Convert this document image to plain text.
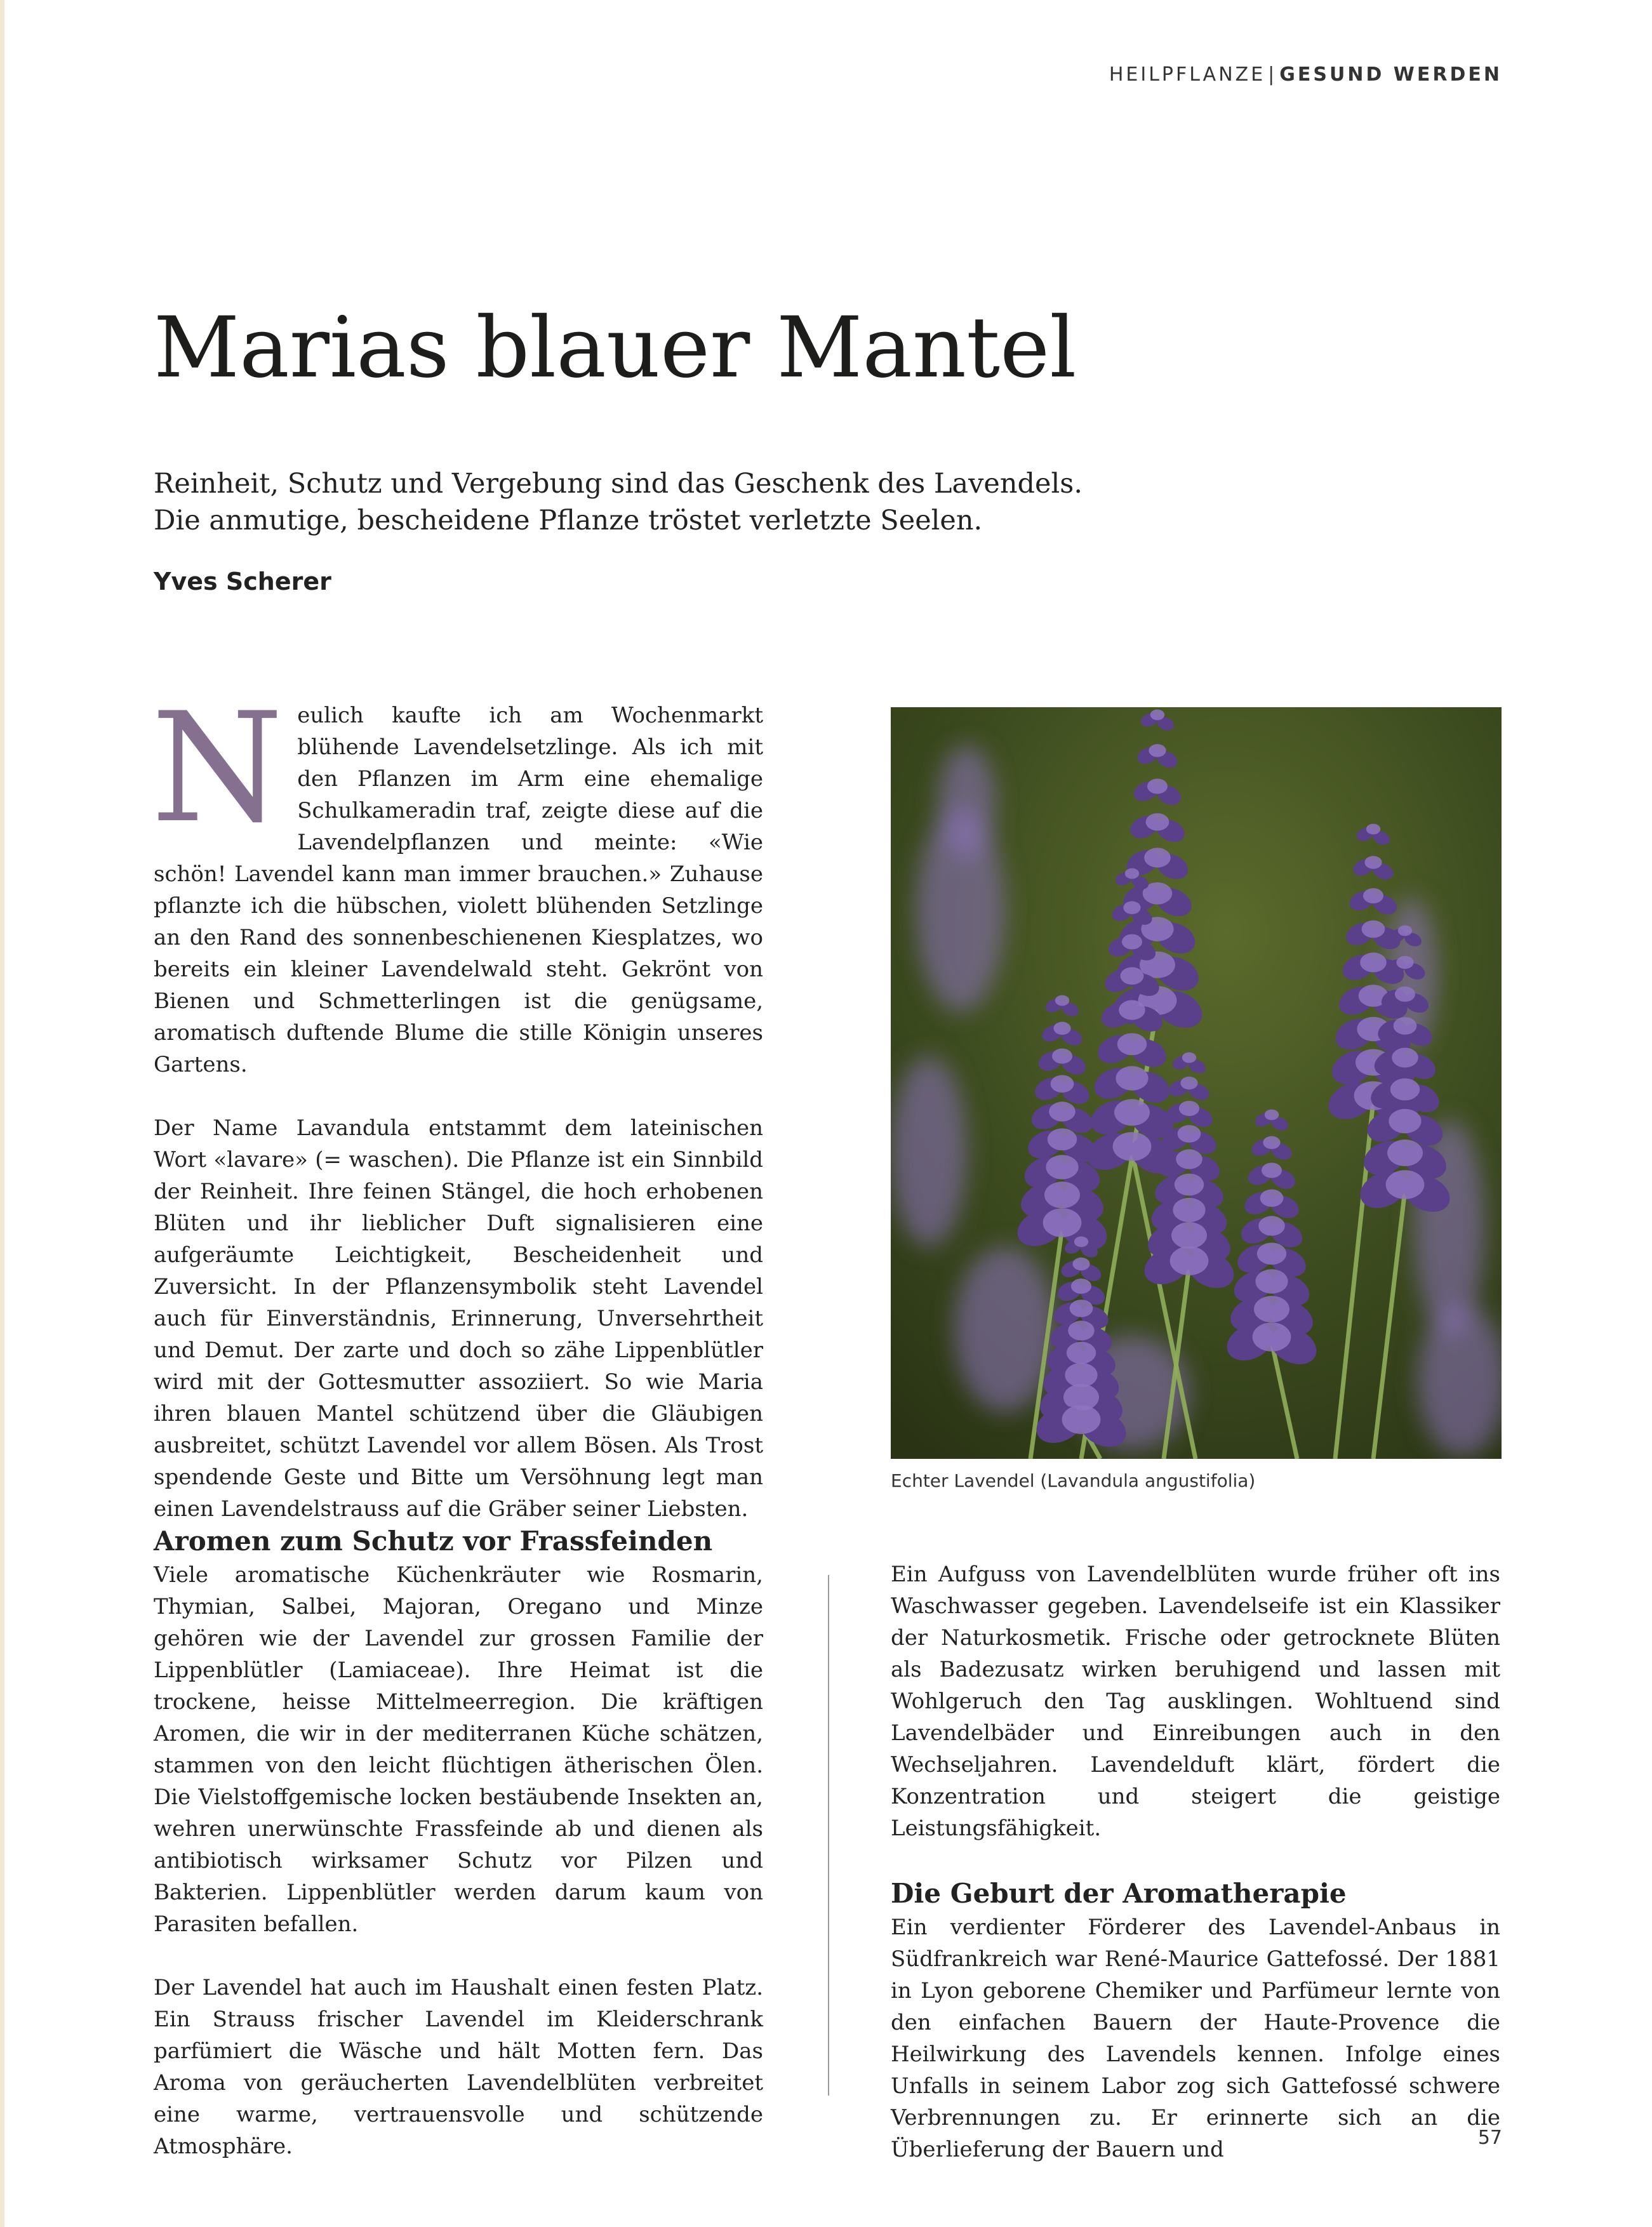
HEILPFLANZE | GESUND WERDEN
Marias blauer Mantel
Reinheit, Schutz und Vergebung sind das Geschenk des Lavendels.
Die anmutige, bescheidene Pflanze tröstet verletzte Seelen.

Yves Scherer

N eulich kaufte ich am Wochenmarkt blühende Lavendelsetzlinge. Als ich mit den Pflanzen im Arm eine ehemalige Schulkameradin traf, zeigte diese auf die Lavendelpflanzen und meinte: «Wie schön! Lavendel kann man immer brauchen.» Zuhause pflanzte ich die hübschen, violett blühenden Setzlinge an den Rand des sonnenbeschienenen Kiesplatzes, wo bereits ein kleiner Lavendelwald steht. Gekrönt von Bienen und Schmetterlingen ist die genügsame, aromatisch duftende Blume die stille Königin unseres Gartens.

Der Name Lavandula entstammt dem lateinischen Wort «lavare» (= waschen). Die Pflanze ist ein Sinnbild der Reinheit. Ihre feinen Stängel, die hoch erhobenen Blüten und ihr lieblicher Duft signalisieren eine aufgeräumte Leichtigkeit, Bescheidenheit und Zuversicht. In der Pflanzensymbolik steht Lavendel auch für Einverständnis, Erinnerung, Unversehrtheit und Demut. Der zarte und doch so zähe Lippenblütler wird mit der Gottesmutter assoziiert. So wie Maria ihren blauen Mantel schützend über die Gläubigen ausbreitet, schützt Lavendel vor allem Bösen. Als Trost spendende Geste und Bitte um Versöhnung legt man einen Lavendelstrauss auf die Gräber seiner Liebsten.

Aromen zum Schutz vor Frassfeinden

Viele aromatische Küchenkräuter wie Rosmarin, Thymian, Salbei, Majoran, Oregano und Minze gehören wie der Lavendel zur grossen Familie der Lippenblütler (Lamiaceae). Ihre Heimat ist die trockene, heisse Mittelmeerregion. Die kräftigen Aromen, die wir in der mediterranen Küche schätzen, stammen von den leicht flüchtigen ätherischen Ölen. Die Vielstoffgemische locken bestäubende Insekten an, wehren unerwünschte Frassfeinde ab und dienen als antibiotisch wirksamer Schutz vor Pilzen und Bakterien. Lippenblütler werden darum kaum von Parasiten befallen.

Der Lavendel hat auch im Haushalt einen festen Platz. Ein Strauss frischer Lavendel im Kleiderschrank parfümiert die Wäsche und hält Motten fern. Das Aroma von geräucherten Lavendelblüten verbreitet eine warme, vertrauensvolle und schützende Atmosphäre.

Echter Lavendel (Lavandula angustifolia)

Ein Aufguss von Lavendelblüten wurde früher oft ins Waschwasser gegeben. Lavendelseife ist ein Klassiker der Naturkosmetik. Frische oder getrocknete Blüten als Badezusatz wirken beruhigend und lassen mit Wohlgeruch den Tag ausklingen. Wohltuend sind Lavendelbäder und Einreibungen auch in den Wechseljahren. Lavendelduft klärt, fördert die Konzentration und steigert die geistige Leistungsfähigkeit.

Die Geburt der Aromatherapie

Ein verdienter Förderer des Lavendel-Anbaus in Südfrankreich war René-Maurice Gattefossé. Der 1881 in Lyon geborene Chemiker und Parfümeur lernte von den einfachen Bauern der Haute-Provence die Heilwirkung des Lavendels kennen. Infolge eines Unfalls in seinem Labor zog sich Gattefossé schwere Verbrennungen zu. Er erinnerte sich an die Überlieferung der Bauern und	57
